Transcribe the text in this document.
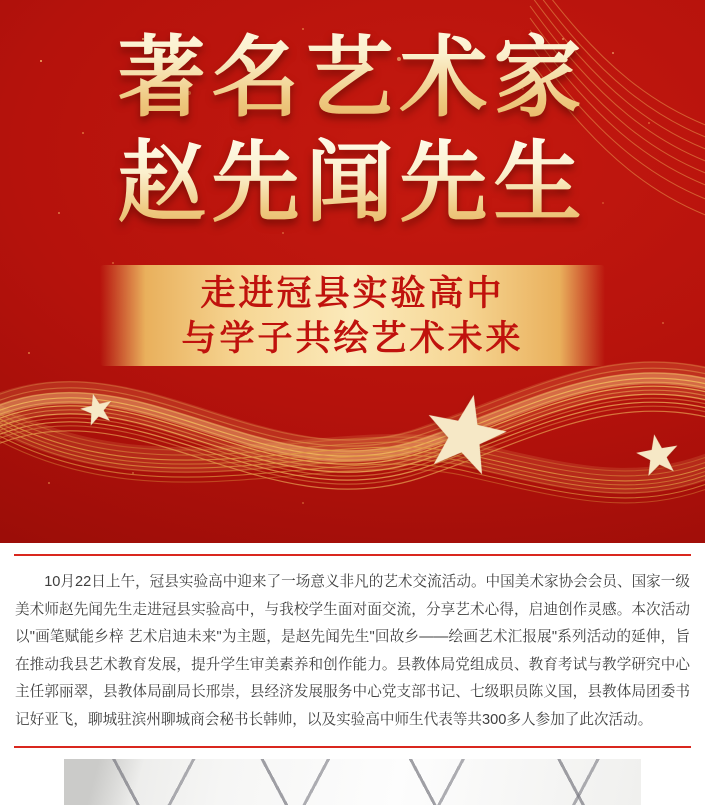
著名艺术家
赵先闻先生
走进冠县实验高中
与学子共绘艺术未来

10月22日上午，冠县实验高中迎来了一场意义非凡的艺术交流活动。中国美术家协会会员、国家一级美术师赵先闻先生走进冠县实验高中，与我校学生面对面交流，分享艺术心得，启迪创作灵感。本次活动以"画笔赋能乡梓 艺术启迪未来"为主题，是赵先闻先生"回故乡——绘画艺术汇报展"系列活动的延伸，旨在推动我县艺术教育发展，提升学生审美素养和创作能力。县教体局党组成员、教育考试与教学研究中心主任郭丽翠，县教体局副局长邢崇，县经济发展服务中心党支部书记、七级职员陈义国，县教体局团委书记好亚飞，聊城驻滨州聊城商会秘书长韩帅，以及实验高中师生代表等共300多人参加了此次活动。
